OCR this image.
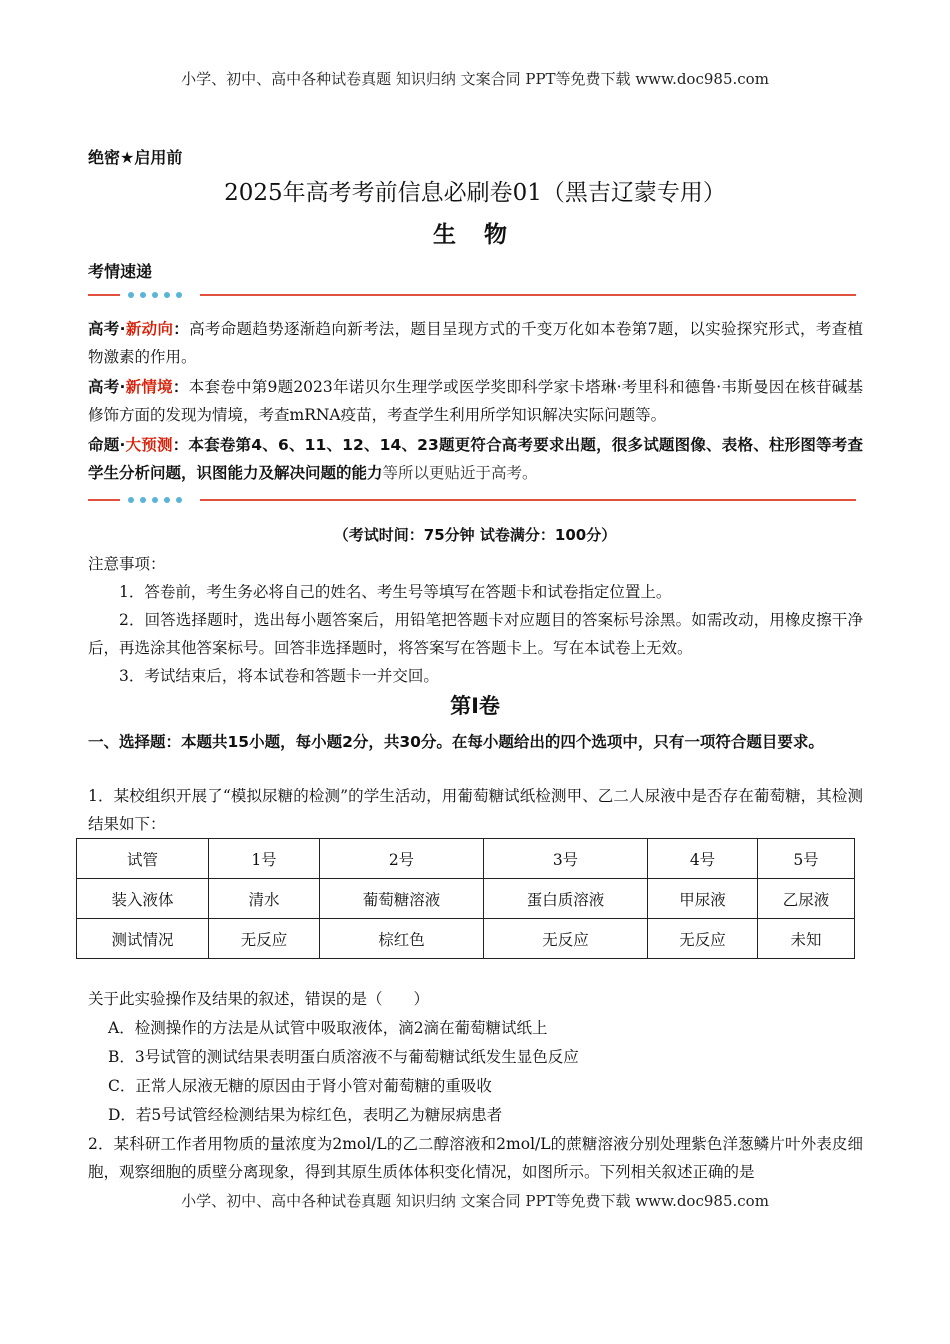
小学、初中、高中各种试卷真题 知识归纳 文案合同 PPT等免费下载 www.doc985.com
绝密★启用前
2025年高考考前信息必刷卷01（黑吉辽蒙专用）
生 物
考情速递
高考·新动向：高考命题趋势逐渐趋向新考法，题目呈现方式的千变万化如本卷第7题，以实验探究形式，考查植物激素的作用。
高考·新情境：本套卷中第9题2023年诺贝尔生理学或医学奖即科学家卡塔琳·考里科和德鲁·韦斯曼因在核苷碱基修饰方面的发现为情境，考查mRNA疫苗，考查学生利用所学知识解决实际问题等。
命题·大预测：本套卷第4、6、11、12、14、23题更符合高考要求出题，很多试题图像、表格、柱形图等考查学生分析问题，识图能力及解决问题的能力等所以更贴近于高考。
（考试时间：75分钟 试卷满分：100分）
注意事项：
1．答卷前，考生务必将自己的姓名、考生号等填写在答题卡和试卷指定位置上。
2．回答选择题时，选出每小题答案后，用铅笔把答题卡对应题目的答案标号涂黑。如需改动，用橡皮擦干净后，再选涂其他答案标号。回答非选择题时，将答案写在答题卡上。写在本试卷上无效。
3．考试结束后，将本试卷和答题卡一并交回。
第Ⅰ卷
一、选择题：本题共15小题，每小题2分，共30分。在每小题给出的四个选项中，只有一项符合题目要求。
1．某校组织开展了“模拟尿糖的检测”的学生活动，用葡萄糖试纸检测甲、乙二人尿液中是否存在葡萄糖，其检测结果如下：
试管	1号	2号	3号	4号	5号
装入液体	清水	葡萄糖溶液	蛋白质溶液	甲尿液	乙尿液
测试情况	无反应	棕红色	无反应	无反应	未知
关于此实验操作及结果的叙述，错误的是（　　）
A．检测操作的方法是从试管中吸取液体，滴2滴在葡萄糖试纸上
B．3号试管的测试结果表明蛋白质溶液不与葡萄糖试纸发生显色反应
C．正常人尿液无糖的原因由于肾小管对葡萄糖的重吸收
D．若5号试管经检测结果为棕红色，表明乙为糖尿病患者
2．某科研工作者用物质的量浓度为2mol/L的乙二醇溶液和2mol/L的蔗糖溶液分别处理紫色洋葱鳞片叶外表皮细胞，观察细胞的质壁分离现象，得到其原生质体体积变化情况，如图所示。下列相关叙述正确的是
小学、初中、高中各种试卷真题 知识归纳 文案合同 PPT等免费下载 www.doc985.com
